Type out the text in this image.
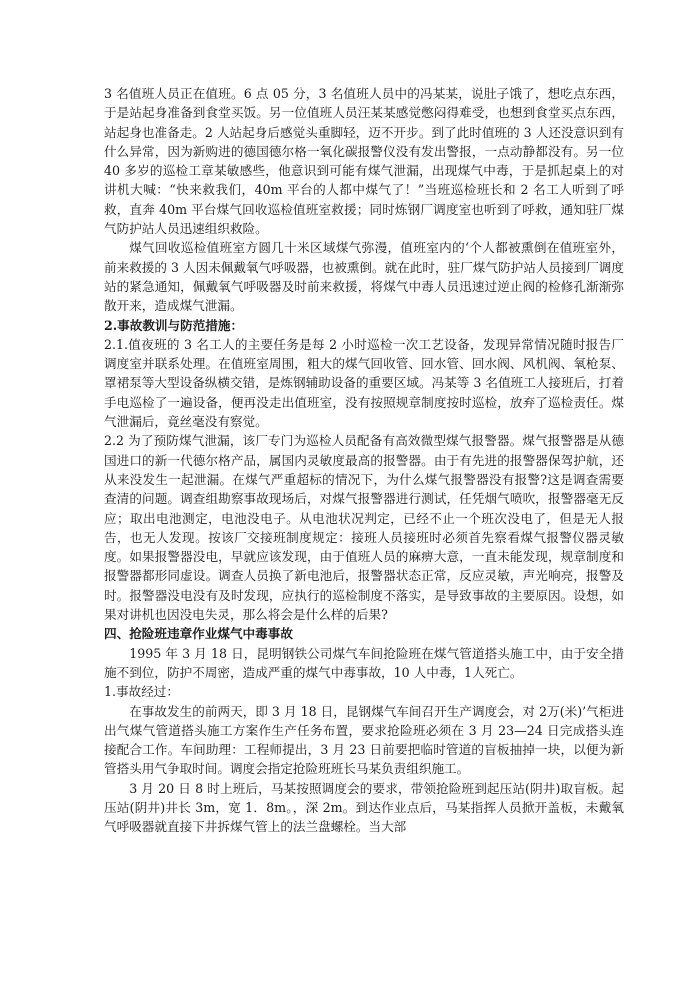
3 名值班人员正在值班。6 点 05 分，3 名值班人员中的冯某某，说肚子饿了，想吃点东西，于是站起身准备到食堂买饭。另一位值班人员汪某某感觉憋闷得难受，也想到食堂买点东西，站起身也准备走。2 人站起身后感觉头重脚轻，迈不开步。到了此时值班的 3 人还没意识到有什么异常，因为新购进的德国德尔格一氧化碳报警仪没有发出警报，一点动静都没有。另一位 40 多岁的巡检工章某敏感些，他意识到可能有煤气泄漏，出现煤气中毒，于是抓起桌上的对讲机大喊：“快来救我们，40m 平台的人都中煤气了！”当班巡检班长和 2 名工人听到了呼救，直奔 40m 平台煤气回收巡检值班室救援；同时炼钢厂调度室也听到了呼救，通知驻厂煤气防护站人员迅速组织救险。

煤气回收巡检值班室方圆几十米区域煤气弥漫，值班室内的‘个人都被熏倒在值班室外，前来救援的 3 人因未佩戴氧气呼吸器，也被熏倒。就在此时，驻厂煤气防护站人员接到厂调度站的紧急通知，佩戴氧气呼吸器及时前来救援，将煤气中毒人员迅速过逆止阀的检修孔渐渐弥散开来，造成煤气泄漏。

2.事故教训与防范措施：

2.1.值夜班的 3 名工人的主要任务是每 2 小时巡检一次工艺设备，发现异常情况随时报告厂调度室并联系处理。在值班室周围，粗大的煤气回收管、回水管、回水阀、风机阀、氧枪泵、罩裙泵等大型设备纵横交错，是炼钢辅助设备的重要区域。冯某等 3 名值班工人接班后，打着手电巡检了一遍设备，便再没走出值班室，没有按照规章制度按时巡检，放弃了巡检责任。煤气泄漏后，竟丝毫没有察觉。

2.2 为了预防煤气泄漏，该厂专门为巡检人员配备有高效微型煤气报警器。煤气报警器是从德国进口的新一代德尔格产品，属国内灵敏度最高的报警器。由于有先进的报警器保驾护航，还从来没发生一起泄漏。在煤气严重超标的情况下，为什么煤气报警器没有报警?这是调查需要查清的问题。调查组勘察事故现场后，对煤气报警器进行测试，任凭烟气喷吹，报警器毫无反应；取出电池测定，电池没电子。从电池状况判定，已经不止一个班次没电了，但是无人报告，也无人发现。按该厂交接班制度规定：接班人员接班时必须首先察看煤气报警仪器灵敏度。如果报警器没电，早就应该发现，由于值班人员的麻痹大意，一直未能发现，规章制度和报警器都形同虚设。调查人员换了新电池后，报警器状态正常，反应灵敏，声光响亮，报警及时。报警器没电没有及时发现，应执行的巡检制度不落实，是导致事故的主要原因。设想，如果对讲机也因没电失灵，那么将会是什么样的后果?

四、抢险班违章作业煤气中毒事故

1995 年 3 月 18 日，昆明钢铁公司煤气车间抢险班在煤气管道搭头施工中，由于安全措施不到位，防护不周密，造成严重的煤气中毒事故，10 人中毒，1人死亡。

1.事故经过：

在事故发生的前两天，即 3 月 18 日，昆钢煤气车间召开生产调度会，对 2万(米)’气柜进出气煤气管道搭头施工方案作生产任务布置，要求抢险班必须在 3 月 23—24 日完成搭头连接配合工作。车间助理：工程师提出，3 月 23 日前要把临时管道的盲板抽掉一块，以便为新管搭头用气争取时间。调度会指定抢险班班长马某负责组织施工。

3 月 20 日 8 时上班后，马某按照调度会的要求，带领抢险班到起压站(阴井)取盲板。起压站(阴井)井长 3m，宽 1．8m。，深 2m。到达作业点后，马某指挥人员掀开盖板，未戴氧气呼吸器就直接下井拆煤气管上的法兰盘螺栓。当大部
